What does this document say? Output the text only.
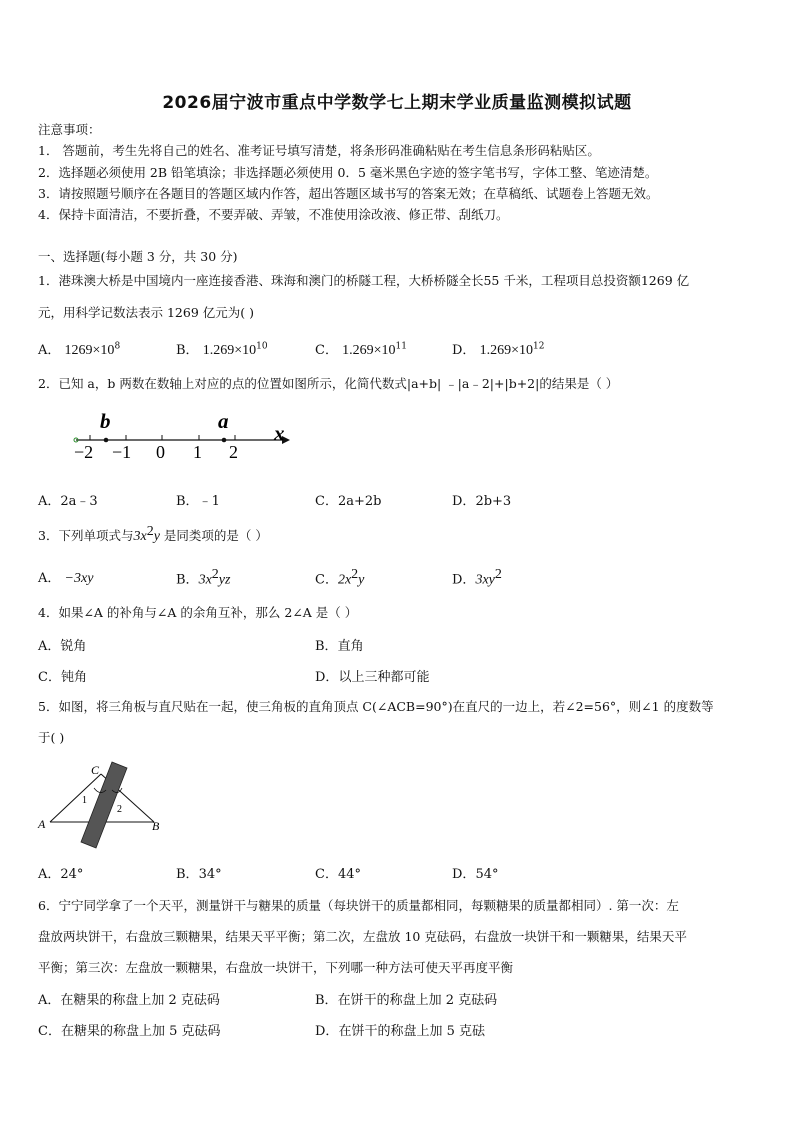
2026届宁波市重点中学数学七上期末学业质量监测模拟试题
注意事项：
1． 答题前，考生先将自己的姓名、准考证号填写清楚，将条形码准确粘贴在考生信息条形码粘贴区。
2．选择题必须使用 2B 铅笔填涂；非选择题必须使用 0．5 毫米黑色字迹的签字笔书写，字体工整、笔迹清楚。
3．请按照题号顺序在各题目的答题区域内作答，超出答题区域书写的答案无效；在草稿纸、试题卷上答题无效。
4．保持卡面清洁，不要折叠，不要弄破、弄皱，不准使用涂改液、修正带、刮纸刀。
一、选择题(每小题 3 分，共 30 分)
1．港珠澳大桥是中国境内一座连接香港、珠海和澳门的桥隧工程，大桥桥隧全长55 千米，工程项目总投资额1269 亿
元，用科学记数法表示 1269 亿元为( )
A． $1269\times 10^8$	B． $1.269\times 10^{10}$	C． $1.269\times 10^{11}$	D． $1.269\times 10^{12}$
2．已知 a，b 两数在数轴上对应的点的位置如图所示，化简代数式|a+b| ﹣|a﹣2|+|b+2|的结果是（ ）
b	a x
−2 −1 0 1 2
A．2a﹣3	B．﹣1	C．2a+2b	D．2b+3
3．下列单项式与$3x^2y$ 是同类项的是（ ）
A． −3xy	B．$3x^2yz$	C．$2x^2y$	D．$3xy^2$
4．如果∠A 的补角与∠A 的余角互补，那么 2∠A 是（ ）
A．锐角	B．直角
C．钝角	D．以上三种都可能
5．如图，将三角板与直尺贴在一起，使三角板的直角顶点 C(∠ACB=90°)在直尺的一边上，若∠2=56°，则∠1 的度数等
于( )
A	B
C
1
2
A．24°	B．34°	C．44°	D．54°
6．宁宁同学拿了一个天平，测量饼干与糖果的质量（每块饼干的质量都相同，每颗糖果的质量都相同）. 第一次：左
盘放两块饼干，右盘放三颗糖果，结果天平平衡；第二次，左盘放 10 克砝码，右盘放一块饼干和一颗糖果，结果天平
平衡；第三次：左盘放一颗糖果，右盘放一块饼干，下列哪一种方法可使天平再度平衡
A．在糖果的称盘上加 2 克砝码	B．在饼干的称盘上加 2 克砝码
C．在糖果的称盘上加 5 克砝码	D．在饼干的称盘上加 5 克砝
